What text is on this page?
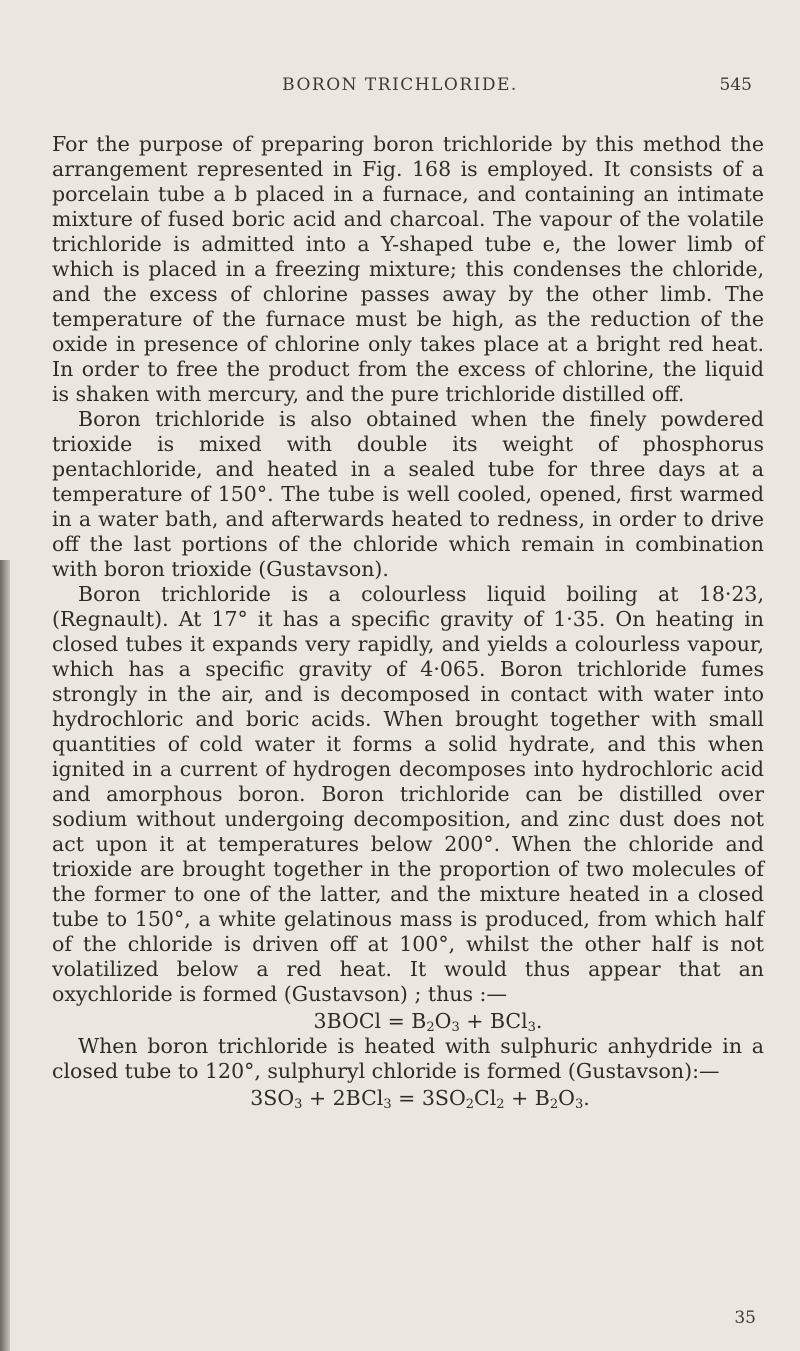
BORON TRICHLORIDE.	545

For the purpose of preparing boron trichloride by this method the arrangement represented in Fig. 168 is employed. It consists of a porcelain tube a b placed in a furnace, and containing an intimate mixture of fused boric acid and charcoal. The vapour of the volatile trichloride is admitted into a Y-shaped tube e, the lower limb of which is placed in a freezing mixture; this condenses the chloride, and the excess of chlorine passes away by the other limb. The temperature of the furnace must be high, as the reduction of the oxide in presence of chlorine only takes place at a bright red heat. In order to free the product from the excess of chlorine, the liquid is shaken with mercury, and the pure trichloride distilled off.

Boron trichloride is also obtained when the finely powdered trioxide is mixed with double its weight of phosphorus pentachloride, and heated in a sealed tube for three days at a temperature of 150°. The tube is well cooled, opened, first warmed in a water bath, and afterwards heated to redness, in order to drive off the last portions of the chloride which remain in combination with boron trioxide (Gustavson).

Boron trichloride is a colourless liquid boiling at 18·23, (Regnault). At 17° it has a specific gravity of 1·35. On heating in closed tubes it expands very rapidly, and yields a colourless vapour, which has a specific gravity of 4·065. Boron trichloride fumes strongly in the air, and is decomposed in contact with water into hydrochloric and boric acids. When brought together with small quantities of cold water it forms a solid hydrate, and this when ignited in a current of hydrogen decomposes into hydrochloric acid and amorphous boron. Boron trichloride can be distilled over sodium without undergoing decomposition, and zinc dust does not act upon it at temperatures below 200°. When the chloride and trioxide are brought together in the proportion of two molecules of the former to one of the latter, and the mixture heated in a closed tube to 150°, a white gelatinous mass is produced, from which half of the chloride is driven off at 100°, whilst the other half is not volatilized below a red heat. It would thus appear that an oxychloride is formed (Gustavson) ; thus :—

3BOCl = $B_2O_3 + BCl_3$.

When boron trichloride is heated with sulphuric anhydride in a closed tube to 120°, sulphuryl chloride is formed (Gustavson):—

$3SO_3 + 2BCl_3 = 3SO_2Cl_2 + B_2O_3$.
35
